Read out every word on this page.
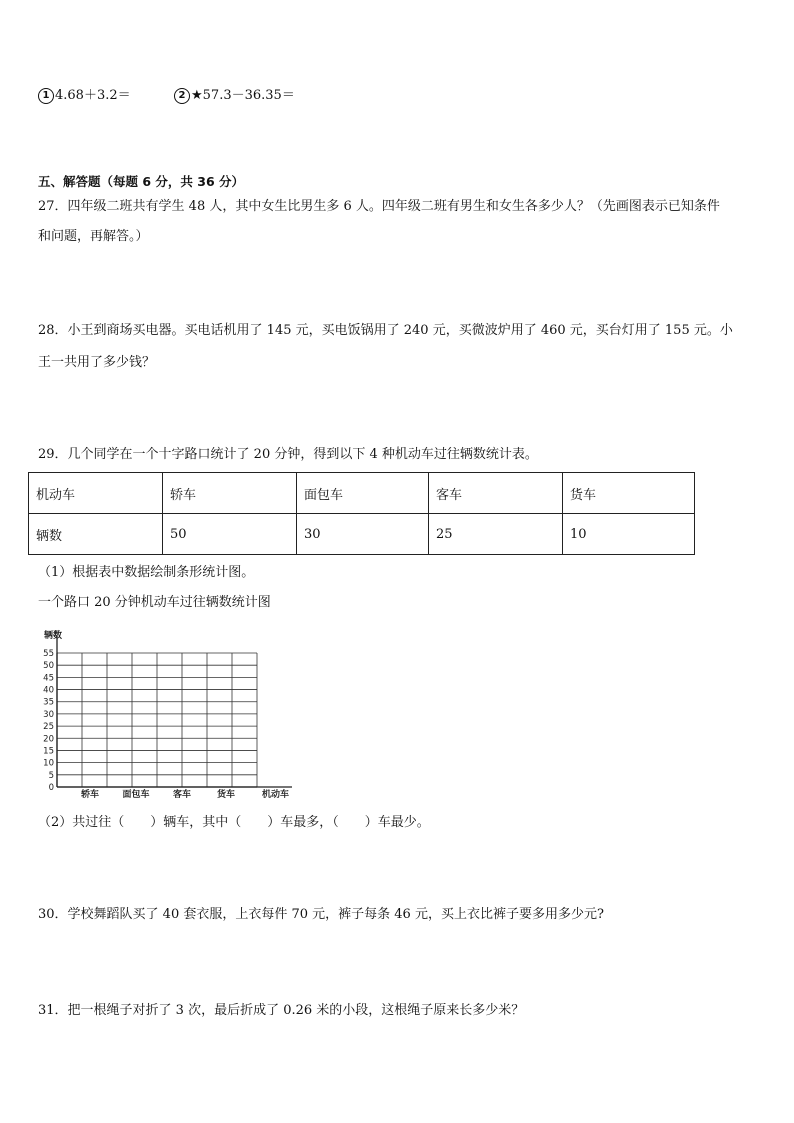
1 4.68＋3.2＝	2 ★57.3－36.35＝
五、解答题（每题 6 分，共 36 分）
27．四年级二班共有学生 48 人，其中女生比男生多 6 人。四年级二班有男生和女生各多少人？（先画图表示已知条件
和问题，再解答。）
28．小王到商场买电器。买电话机用了 145 元，买电饭锅用了 240 元，买微波炉用了 460 元，买台灯用了 155 元。小
王一共用了多少钱？
29．几个同学在一个十字路口统计了 20 分钟，得到以下 4 种机动车过往辆数统计表。
机动车	轿车	面包车	客车	货车
辆数	50	30	25	10
（1）根据表中数据绘制条形统计图。
一个路口 20 分钟机动车过往辆数统计图
0
5
10
15
20
25
30
35
40
45
50
55
轿车	面包车	客车	货车
辆数
机动车
（2）共过往（　　）辆车，其中（　　）车最多，（　　）车最少。
30．学校舞蹈队买了 40 套衣服，上衣每件 70 元，裤子每条 46 元，买上衣比裤子要多用多少元?
31．把一根绳子对折了 3 次，最后折成了 0.26 米的小段，这根绳子原来长多少米？
